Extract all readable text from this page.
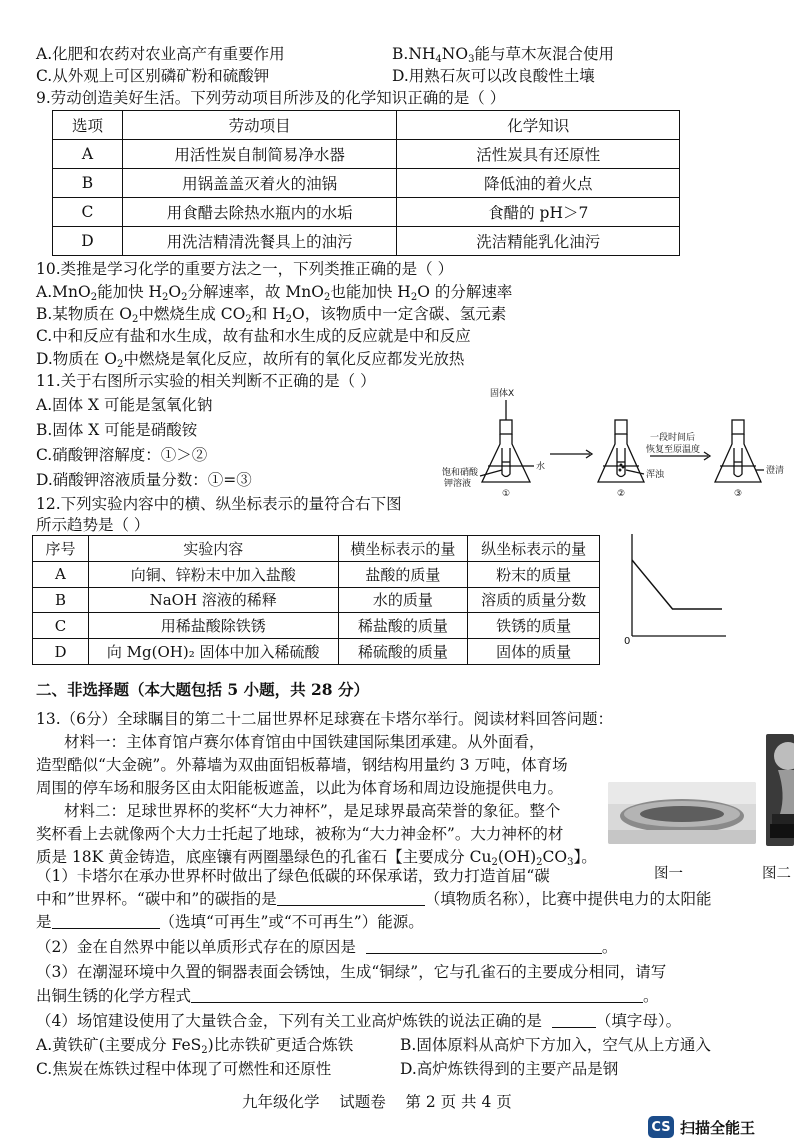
A.化肥和农药对农业高产有重要作用	$B.NH_4NO_3$能与草木灰混合使用
C.从外观上可区别磷矿粉和硫酸钾	D.用熟石灰可以改良酸性土壤
9.劳动创造美好生活。下列劳动项目所涉及的化学知识正确的是（ ）
选项	劳动项目	化学知识
A	用活性炭自制简易净水器	活性炭具有还原性
B	用锅盖盖灭着火的油锅	降低油的着火点
C	用食醋去除热水瓶内的水垢	食醋的 pH＞7
D	用洗洁精清洗餐具上的油污	洗洁精能乳化油污
10.类推是学习化学的重要方法之一，下列类推正确的是（ ）
A.MnO$_2$能加快 $H_2O_2$分解速率，故 MnO$_2$也能加快 $H_2O$ 的分解速率
B.某物质在 $O_2$中燃烧生成 $CO_2$和 $H_2O$，该物质中一定含碳、氢元素
C.中和反应有盐和水生成，故有盐和水生成的反应就是中和反应
D.物质在 $O_2$中燃烧是氧化反应，故所有的氧化反应都发光放热
11.关于右图所示实验的相关判断不正确的是（ ）
A.固体 X 可能是氢氧化钠
B.固体 X 可能是硝酸铵
C.硝酸钾溶解度：①＞②
D.硝酸钾溶液质量分数：①=③
固体X
水
饱和硝酸
钾溶液
①
浑浊
②
一段时间后
恢复至原温度
澄清
③
12.下列实验内容中的横、纵坐标表示的量符合右下图
所示趋势是（ ）
序号	实验内容	横坐标表示的量	纵坐标表示的量
A	向铜、锌粉末中加入盐酸	盐酸的质量	粉末的质量
B	NaOH 溶液的稀释	水的质量	溶质的质量分数
C	用稀盐酸除铁锈	稀盐酸的质量	铁锈的质量
D	向 Mg(OH)₂ 固体中加入稀硫酸	稀硫酸的质量	固体的质量
0
二、非选择题（本大题包括 5 小题，共 28 分）
13.（6分）全球瞩目的第二十二届世界杯足球赛在卡塔尔举行。阅读材料回答问题：
材料一：主体育馆卢赛尔体育馆由中国铁建国际集团承建。从外面看，
造型酷似“大金碗”。外幕墙为双曲面铝板幕墙，钢结构用量约 3 万吨，体育场
周围的停车场和服务区由太阳能板遮盖，以此为体育场和周边设施提供电力。
材料二：足球世界杯的奖杯“大力神杯”，是足球界最高荣誉的象征。整个
奖杯看上去就像两个大力士托起了地球，被称为“大力神金杯”。大力神杯的材
质是 18K 黄金铸造，底座镶有两圈墨绿色的孔雀石【主要成分 $Cu_2(OH)_2CO_3$】。
图一	图二
（1）卡塔尔在承办世界杯时做出了绿色低碳的环保承诺，致力打造首届“碳
中和”世界杯。“碳中和”的碳指的是	（填物质名称），比赛中提供电力的太阳能
是	（选填“可再生”或“不可再生”）能源。
（2）金在自然界中能以单质形式存在的原因是	。
（3）在潮湿环境中久置的铜器表面会锈蚀，生成“铜绿”，它与孔雀石的主要成分相同，请写
出铜生锈的化学方程式	。
（4）场馆建设使用了大量铁合金，下列有关工业高炉炼铁的说法正确的是	（填字母）。
A.黄铁矿(主要成分 FeS$_2$)比赤铁矿更适合炼铁	B.固体原料从高炉下方加入，空气从上方通入
C.焦炭在炼铁过程中体现了可燃性和还原性	D.高炉炼铁得到的主要产品是钢
九年级化学    试题卷    第 2 页 共 4 页
CS 扫描全能王
